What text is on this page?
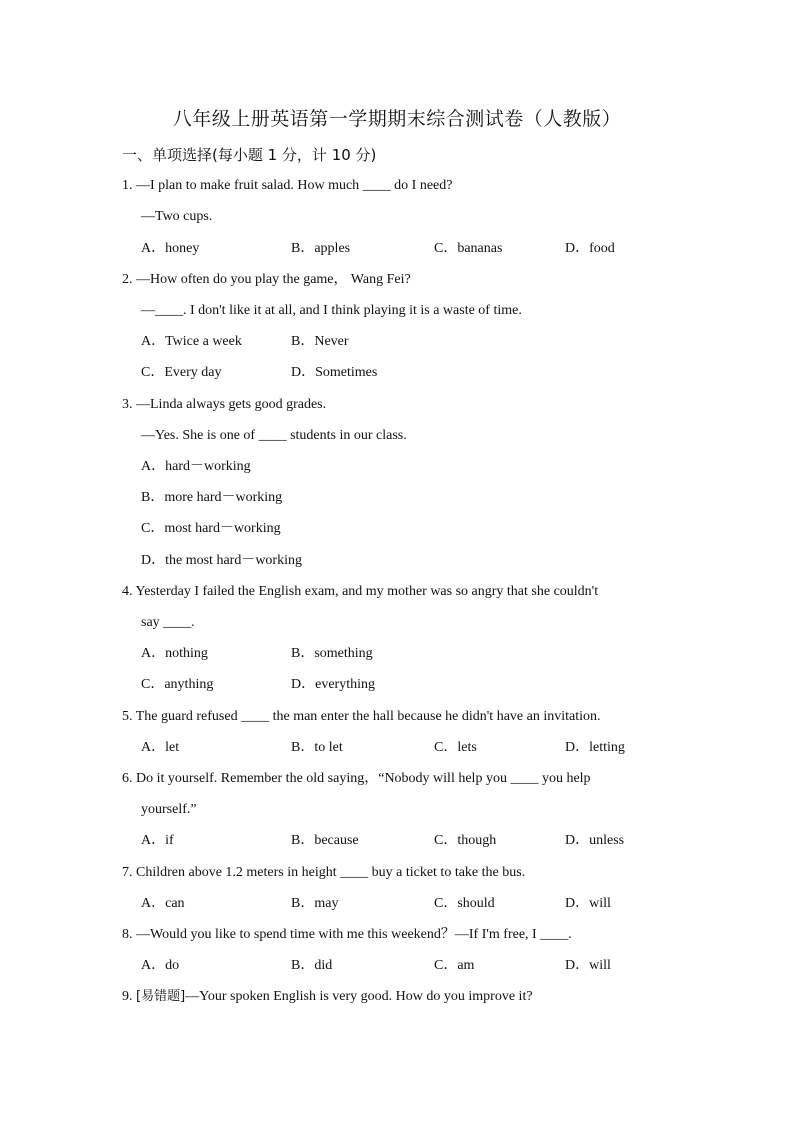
八年级上册英语第一学期期末综合测试卷（人教版）
一、单项选择(每小题 1 分，计 10 分)
1. —I plan to make fruit salad. How much ____ do I need?
—Two cups.
A．honey	B．apples	C．bananas	D．food
2. —How often do you play the game， Wang Fei?
—____. I don't like it at all, and I think playing it is a waste of time.
A．Twice a week	B．Never
C．Every day	D．Sometimes
3. —Linda always gets good grades.
—Yes. She is one of ____ students in our class.
A．hard－working
B．more hard－working
C．most hard－working
D．the most hard－working
4. Yesterday I failed the English exam, and my mother was so angry that she couldn't
say ____.
A．nothing	B．something
C．anything	D．everything
5. The guard refused ____ the man enter the hall because he didn't have an invitation.
A．let	B．to let	C．lets	D．letting
6. Do it yourself. Remember the old saying，“Nobody will help you ____ you help
yourself.”
A．if	B．because	C．though	D．unless
7. Children above 1.2 meters in height ____ buy a ticket to take the bus.
A．can	B．may	C．should	D．will
8. —Would you like to spend time with me this weekend？—If I'm free, I ____.
A．do	B．did	C．am	D．will
9. [易错题]—Your spoken English is very good. How do you improve it?
